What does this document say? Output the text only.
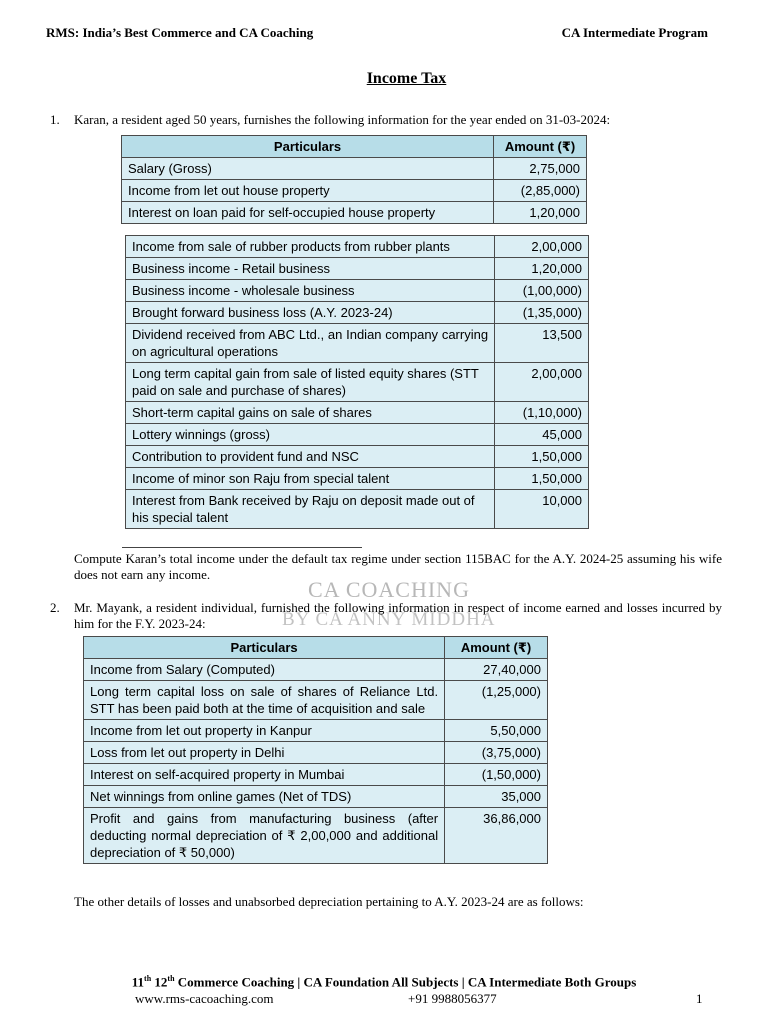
RMS: India’s Best Commerce and CA Coaching	CA Intermediate Program
Income Tax
1. Karan, a resident aged 50 years, furnishes the following information for the year ended on 31-03-2024:
Particulars	Amount (₹)
Salary (Gross)	2,75,000
Income from let out house property	(2,85,000)
Interest on loan paid for self-occupied house property	1,20,000
Income from sale of rubber products from rubber plants	2,00,000
Business income - Retail business	1,20,000
Business income - wholesale business	(1,00,000)
Brought forward business loss (A.Y. 2023-24)	(1,35,000)
Dividend received from ABC Ltd., an Indian company carrying on agricultural operations	13,500
Long term capital gain from sale of listed equity shares (STT paid on sale and purchase of shares)	2,00,000
Short-term capital gains on sale of shares	(1,10,000)
Lottery winnings (gross)	45,000
Contribution to provident fund and NSC	1,50,000
Income of minor son Raju from special talent	1,50,000
Interest from Bank received by Raju on deposit made out of his special talent	10,000
Compute Karan’s total income under the default tax regime under section 115BAC for the A.Y. 2024-25 assuming his wife does not earn any income.
CA COACHING
BY CA ANNY MIDDHA
2. Mr. Mayank, a resident individual, furnished the following information in respect of income earned and losses incurred by him for the F.Y. 2023-24:
Particulars	Amount (₹)
Income from Salary (Computed)	27,40,000
Long term capital loss on sale of shares of Reliance Ltd. STT has been paid both at the time of acquisition and sale	(1,25,000)
Income from let out property in Kanpur	5,50,000
Loss from let out property in Delhi	(3,75,000)
Interest on self-acquired property in Mumbai	(1,50,000)
Net winnings from online games (Net of TDS)	35,000
Profit and gains from manufacturing business (after deducting normal depreciation of ₹ 2,00,000 and additional depreciation of ₹ 50,000)	36,86,000
The other details of losses and unabsorbed depreciation pertaining to A.Y. 2023-24 are as follows:
11th 12th Commerce Coaching | CA Foundation All Subjects | CA Intermediate Both Groups
www.rms-cacoaching.com	+91 9988056377	1
